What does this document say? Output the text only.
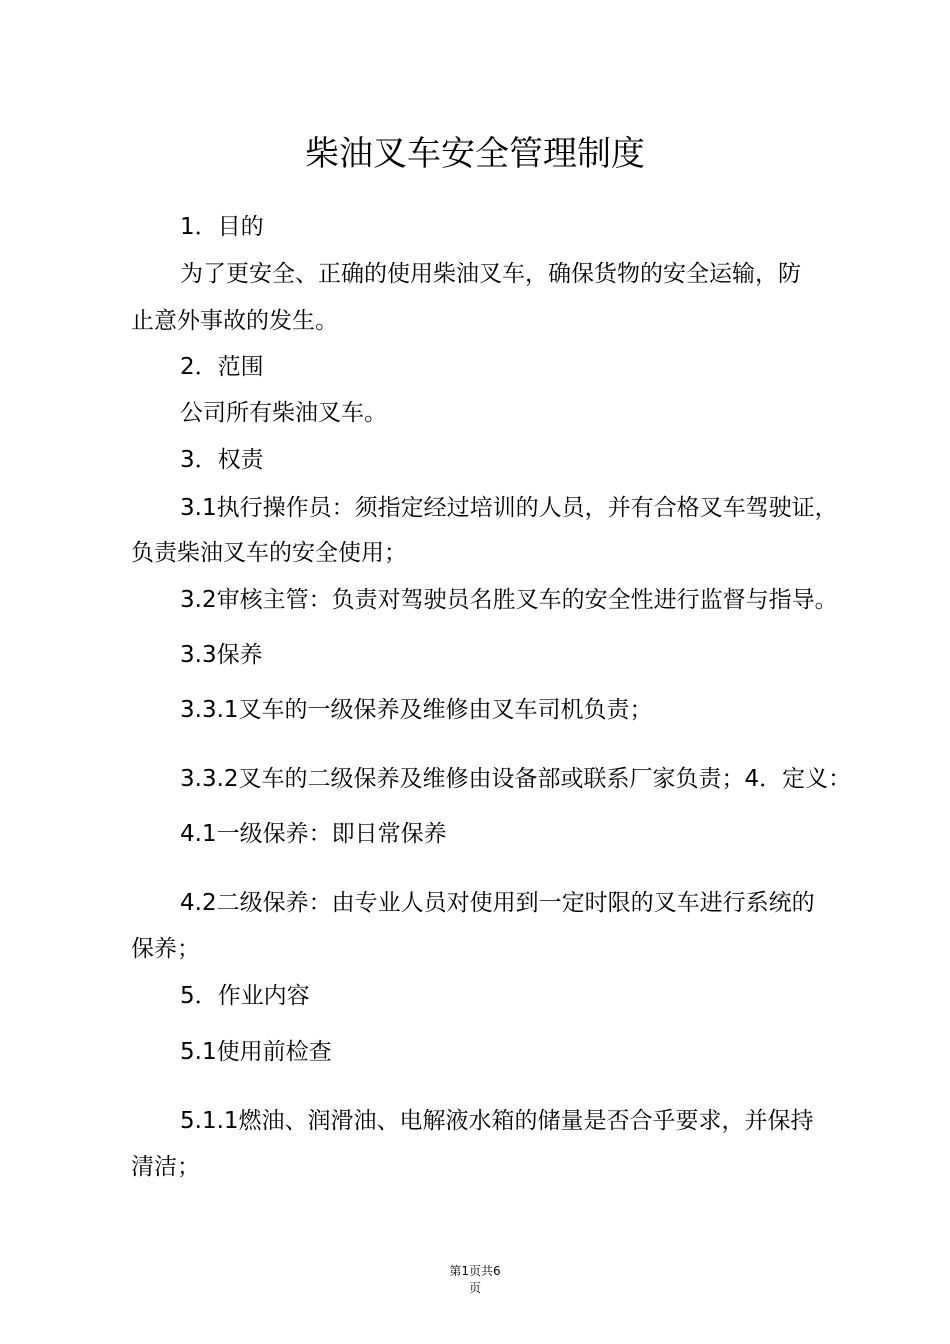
柴油叉车安全管理制度

1．目的

为了更安全、正确的使用柴油叉车，确保货物的安全运输，防

止意外事故的发生。

2．范围

公司所有柴油叉车。

3．权责

3.1执行操作员：须指定经过培训的人员，并有合格叉车驾驶证，

负责柴油叉车的安全使用；

3.2审核主管：负责对驾驶员名胜叉车的安全性进行监督与指导。

3.3保养

3.3.1叉车的一级保养及维修由叉车司机负责；

3.3.2叉车的二级保养及维修由设备部或联系厂家负责；4．定义：

4.1一级保养：即日常保养

4.2二级保养：由专业人员对使用到一定时限的叉车进行系统的

保养；

5．作业内容

5.1使用前检查

5.1.1燃油、润滑油、电解液水箱的储量是否合乎要求，并保持

清洁；

第1页共6
页
